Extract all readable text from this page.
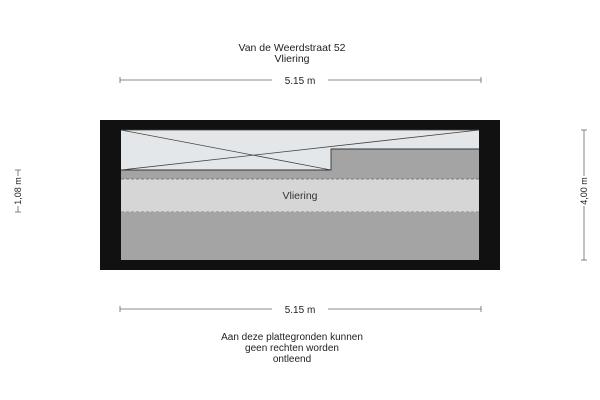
Van de Weerdstraat 52
Vliering
5.15 m
Vliering
1,08 m	4,00 m
5.15 m
Aan deze plattegronden kunnen
geen rechten worden
ontleend
